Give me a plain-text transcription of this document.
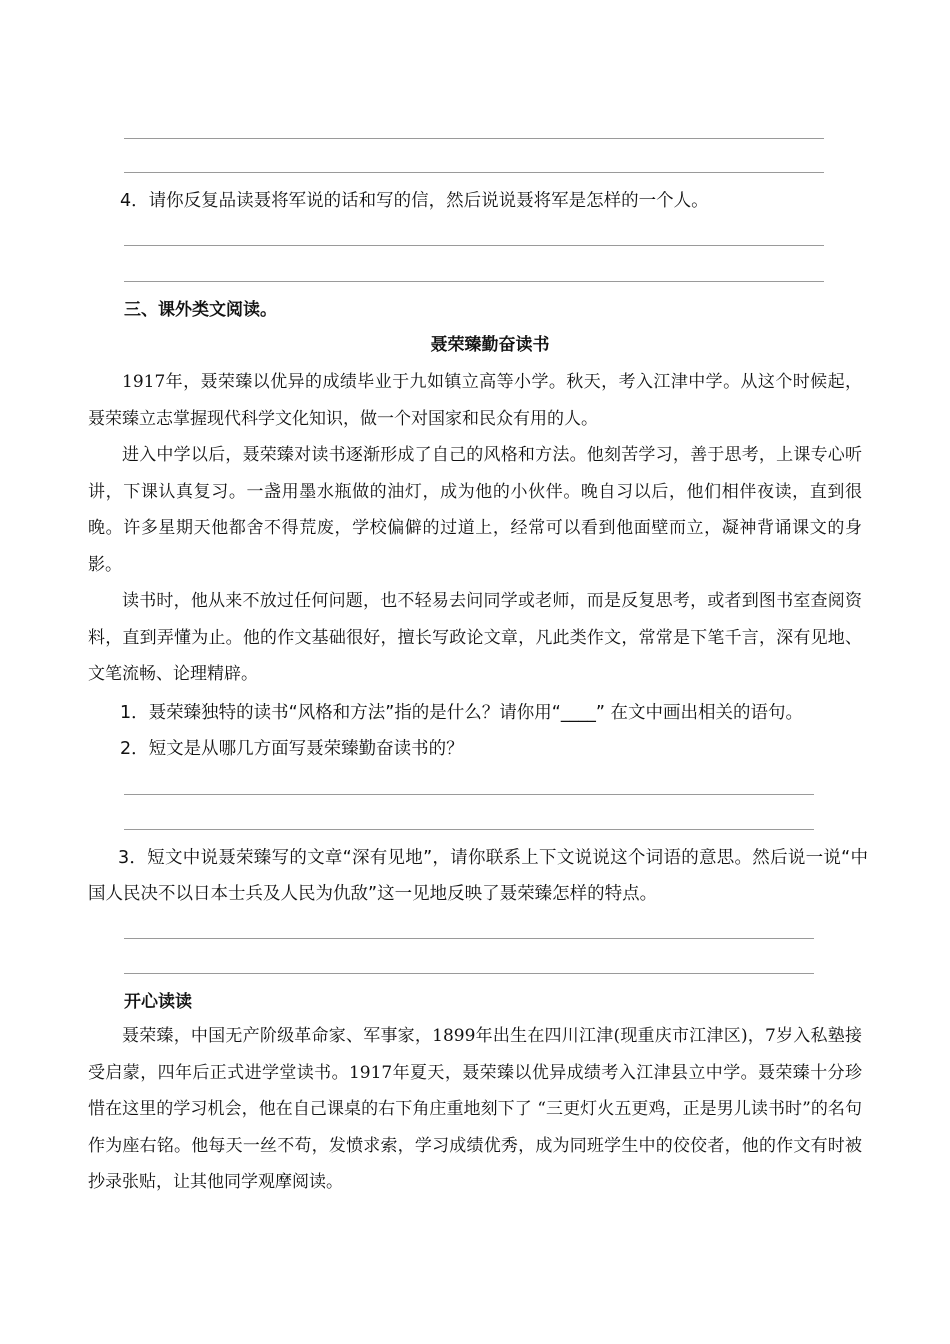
4．请你反复品读聂将军说的话和写的信，然后说说聂将军是怎样的一个人。
三、课外类文阅读。
聂荣臻勤奋读书
1917年，聂荣臻以优异的成绩毕业于九如镇立高等小学。秋天，考入江津中学。从这个时候起，聂荣臻立志掌握现代科学文化知识，做一个对国家和民众有用的人。
进入中学以后，聂荣臻对读书逐渐形成了自己的风格和方法。他刻苦学习，善于思考，上课专心听讲，下课认真复习。一盏用墨水瓶做的油灯，成为他的小伙伴。晚自习以后，他们相伴夜读，直到很晚。许多星期天他都舍不得荒废，学校偏僻的过道上，经常可以看到他面壁而立，凝神背诵课文的身影。
读书时，他从来不放过任何问题，也不轻易去问同学或老师，而是反复思考，或者到图书室查阅资料，直到弄懂为止。他的作文基础很好，擅长写政论文章，凡此类作文，常常是下笔千言，深有见地、文笔流畅、论理精辟。
1．聂荣臻独特的读书“风格和方法”指的是什么？请你用“____” 在文中画出相关的语句。
2．短文是从哪几方面写聂荣臻勤奋读书的？
3．短文中说聂荣臻写的文章“深有见地”，请你联系上下文说说这个词语的意思。然后说一说“中国人民决不以日本士兵及人民为仇敌”这一见地反映了聂荣臻怎样的特点。
开心读读
聂荣臻，中国无产阶级革命家、军事家，1899年出生在四川江津(现重庆市江津区)，7岁入私塾接受启蒙，四年后正式进学堂读书。1917年夏天，聂荣臻以优异成绩考入江津县立中学。聂荣臻十分珍惜在这里的学习机会，他在自己课桌的右下角庄重地刻下了 “三更灯火五更鸡，正是男儿读书时”的名句作为座右铭。他每天一丝不苟，发愤求索，学习成绩优秀，成为同班学生中的佼佼者，他的作文有时被抄录张贴，让其他同学观摩阅读。
